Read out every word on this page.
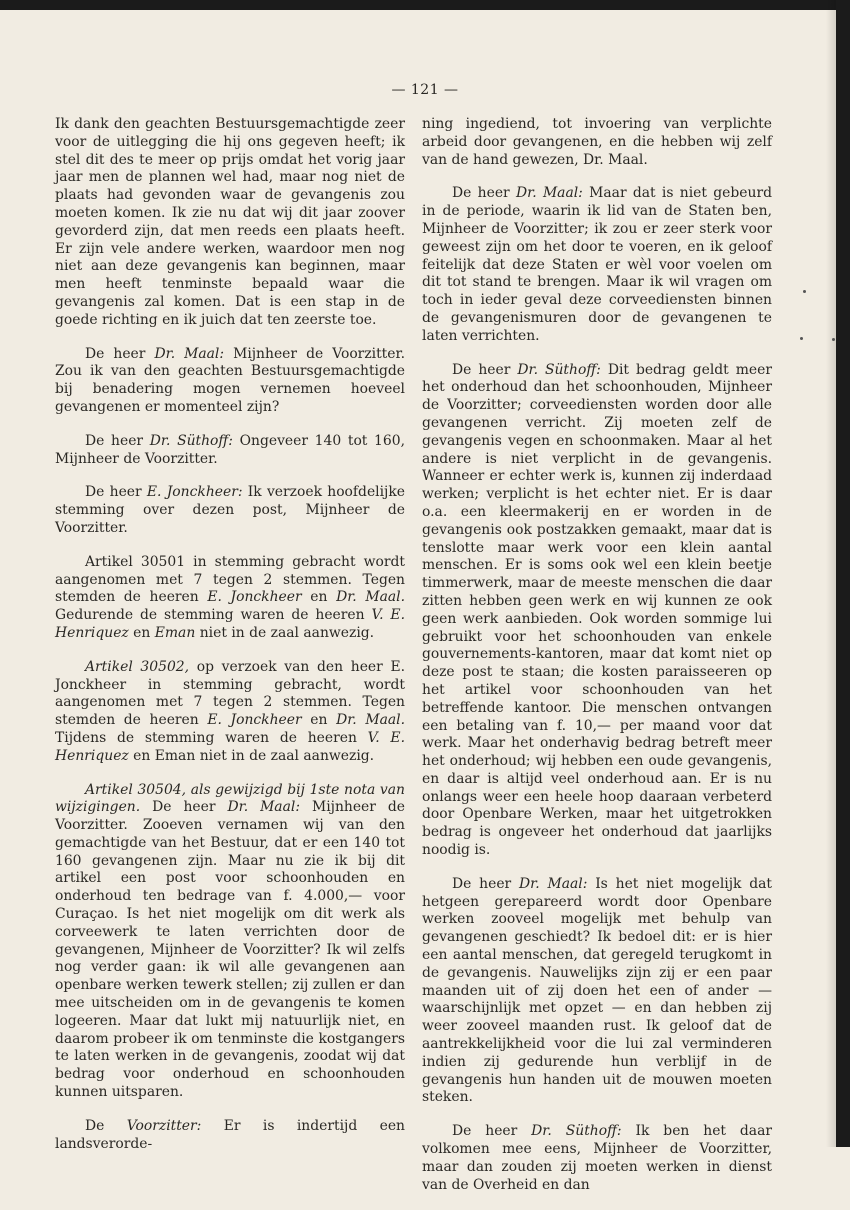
— 121 —

Ik dank den geachten Bestuursgemachtigde zeer voor de uitlegging die hij ons gegeven heeft; ik stel dit des te meer op prijs omdat het vorig jaar jaar men de plannen wel had, maar nog niet de plaats had gevonden waar de gevangenis zou moeten komen. Ik zie nu dat wij dit jaar zoover gevorderd zijn, dat men reeds een plaats heeft. Er zijn vele andere werken, waardoor men nog niet aan deze gevangenis kan beginnen, maar men heeft tenminste bepaald waar die gevangenis zal komen. Dat is een stap in de goede richting en ik juich dat ten zeerste toe.

De heer Dr. Maal: Mijnheer de Voorzitter. Zou ik van den geachten Bestuursgemachtigde bij benadering mogen vernemen hoeveel gevangenen er momenteel zijn?

De heer Dr. Süthoff: Ongeveer 140 tot 160, Mijnheer de Voorzitter.

De heer E. Jonckheer: Ik verzoek hoofdelijke stemming over dezen post, Mijnheer de Voorzitter.

Artikel 30501 in stemming gebracht wordt aangenomen met 7 tegen 2 stemmen. Tegen stemden de heeren E. Jonckheer en Dr. Maal. Gedurende de stemming waren de heeren V. E. Henriquez en Eman niet in de zaal aanwezig.

Artikel 30502, op verzoek van den heer E. Jonckheer in stemming gebracht, wordt aangenomen met 7 tegen 2 stemmen. Tegen stemden de heeren E. Jonckheer en Dr. Maal. Tijdens de stemming waren de heeren V. E. Henriquez en Eman niet in de zaal aanwezig.

Artikel 30504, als gewijzigd bij 1ste nota van wijzigingen. De heer Dr. Maal: Mijnheer de Voorzitter. Zooeven vernamen wij van den gemachtigde van het Bestuur, dat er een 140 tot 160 gevangenen zijn. Maar nu zie ik bij dit artikel een post voor schoonhouden en onderhoud ten bedrage van f. 4.000,— voor Curaçao. Is het niet mogelijk om dit werk als corveewerk te laten verrichten door de gevangenen, Mijnheer de Voorzitter? Ik wil zelfs nog verder gaan: ik wil alle gevangenen aan openbare werken tewerk stellen; zij zullen er dan mee uitscheiden om in de gevangenis te komen logeeren. Maar dat lukt mij natuurlijk niet, en daarom probeer ik om tenminste die kostgangers te laten werken in de gevangenis, zoodat wij dat bedrag voor onderhoud en schoonhouden kunnen uitsparen.

De Voorzitter: Er is indertijd een landsverorde-

ning ingediend, tot invoering van verplichte arbeid door gevangenen, en die hebben wij zelf van de hand gewezen, Dr. Maal.

De heer Dr. Maal: Maar dat is niet gebeurd in de periode, waarin ik lid van de Staten ben, Mijnheer de Voorzitter; ik zou er zeer sterk voor geweest zijn om het door te voeren, en ik geloof feitelijk dat deze Staten er wèl voor voelen om dit tot stand te brengen. Maar ik wil vragen om toch in ieder geval deze corveediensten binnen de gevangenismuren door de gevangenen te laten verrichten.

De heer Dr. Süthoff: Dit bedrag geldt meer het onderhoud dan het schoonhouden, Mijnheer de Voorzitter; corveediensten worden door alle gevangenen verricht. Zij moeten zelf de gevangenis vegen en schoonmaken. Maar al het andere is niet verplicht in de gevangenis. Wanneer er echter werk is, kunnen zij inderdaad werken; verplicht is het echter niet. Er is daar o.a. een kleermakerij en er worden in de gevangenis ook postzakken gemaakt, maar dat is tenslotte maar werk voor een klein aantal menschen. Er is soms ook wel een klein beetje timmerwerk, maar de meeste menschen die daar zitten hebben geen werk en wij kunnen ze ook geen werk aanbieden. Ook worden sommige lui gebruikt voor het schoonhouden van enkele gouvernements-kantoren, maar dat komt niet op deze post te staan; die kosten paraisseeren op het artikel voor schoonhouden van het betreffende kantoor. Die menschen ontvangen een betaling van f. 10,— per maand voor dat werk. Maar het onderhavig bedrag betreft meer het onderhoud; wij hebben een oude gevangenis, en daar is altijd veel onderhoud aan. Er is nu onlangs weer een heele hoop daaraan verbeterd door Openbare Werken, maar het uitgetrokken bedrag is ongeveer het onderhoud dat jaarlijks noodig is.

De heer Dr. Maal: Is het niet mogelijk dat hetgeen gerepareerd wordt door Openbare werken zooveel mogelijk met behulp van gevangenen geschiedt? Ik bedoel dit: er is hier een aantal menschen, dat geregeld terugkomt in de gevangenis. Nauwelijks zijn zij er een paar maanden uit of zij doen het een of ander — waarschijnlijk met opzet — en dan hebben zij weer zooveel maanden rust. Ik geloof dat de aantrekkelijkheid voor die lui zal verminderen indien zij gedurende hun verblijf in de gevangenis hun handen uit de mouwen moeten steken.

De heer Dr. Süthoff: Ik ben het daar volkomen mee eens, Mijnheer de Voorzitter, maar dan zouden zij moeten werken in dienst van de Overheid en dan
